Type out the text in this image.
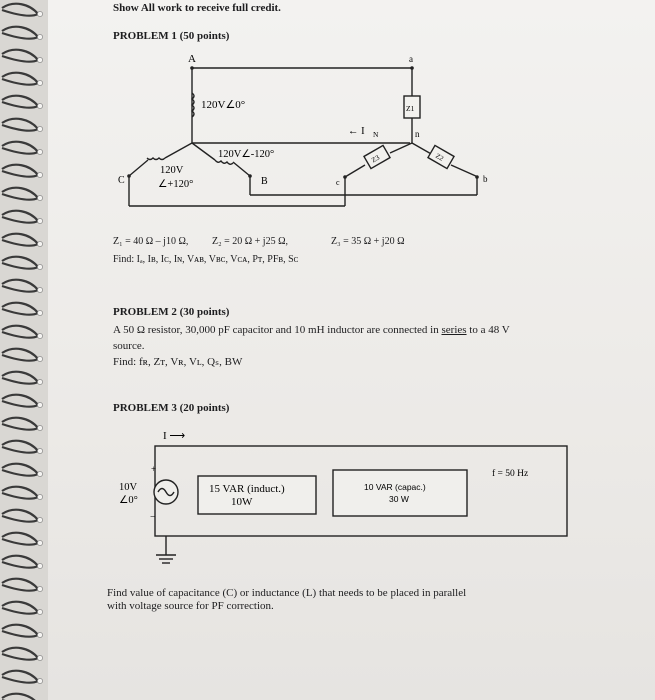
Show All work to receive full credit.
PROBLEM 1 (50 points)
A	a
120V∠0°
120V∠-120°
120V
∠+120°
C	B	c	b
n
← I N
Z1
Z2
Z3
Z₁ = 40 Ω – j10 Ω, Z₂ = 20 Ω + j25 Ω,	Z₃ = 35 Ω + j20 Ω
Find: Iₐ, Iʙ, Iᴄ, Iɴ, Vᴀʙ, Vʙᴄ, Vᴄᴀ, Pᴛ, PFʙ, Sᴄ
PROBLEM 2 (30 points)
A 50 Ω resistor, 30,000 pF capacitor and 10 mH inductor are connected in series to a 48 V
source.
Find: fʀ, Zᴛ, Vʀ, Vʟ, Qₛ, BW
PROBLEM 3 (20 points)
I ⟶
+
−
10V
∠0°
15 VAR (induct.)
10W
10 VAR (capac.)
30 W
f = 50 Hz
Find value of capacitance (C) or inductance (L) that needs to be placed in parallel
with voltage source for PF correction.
